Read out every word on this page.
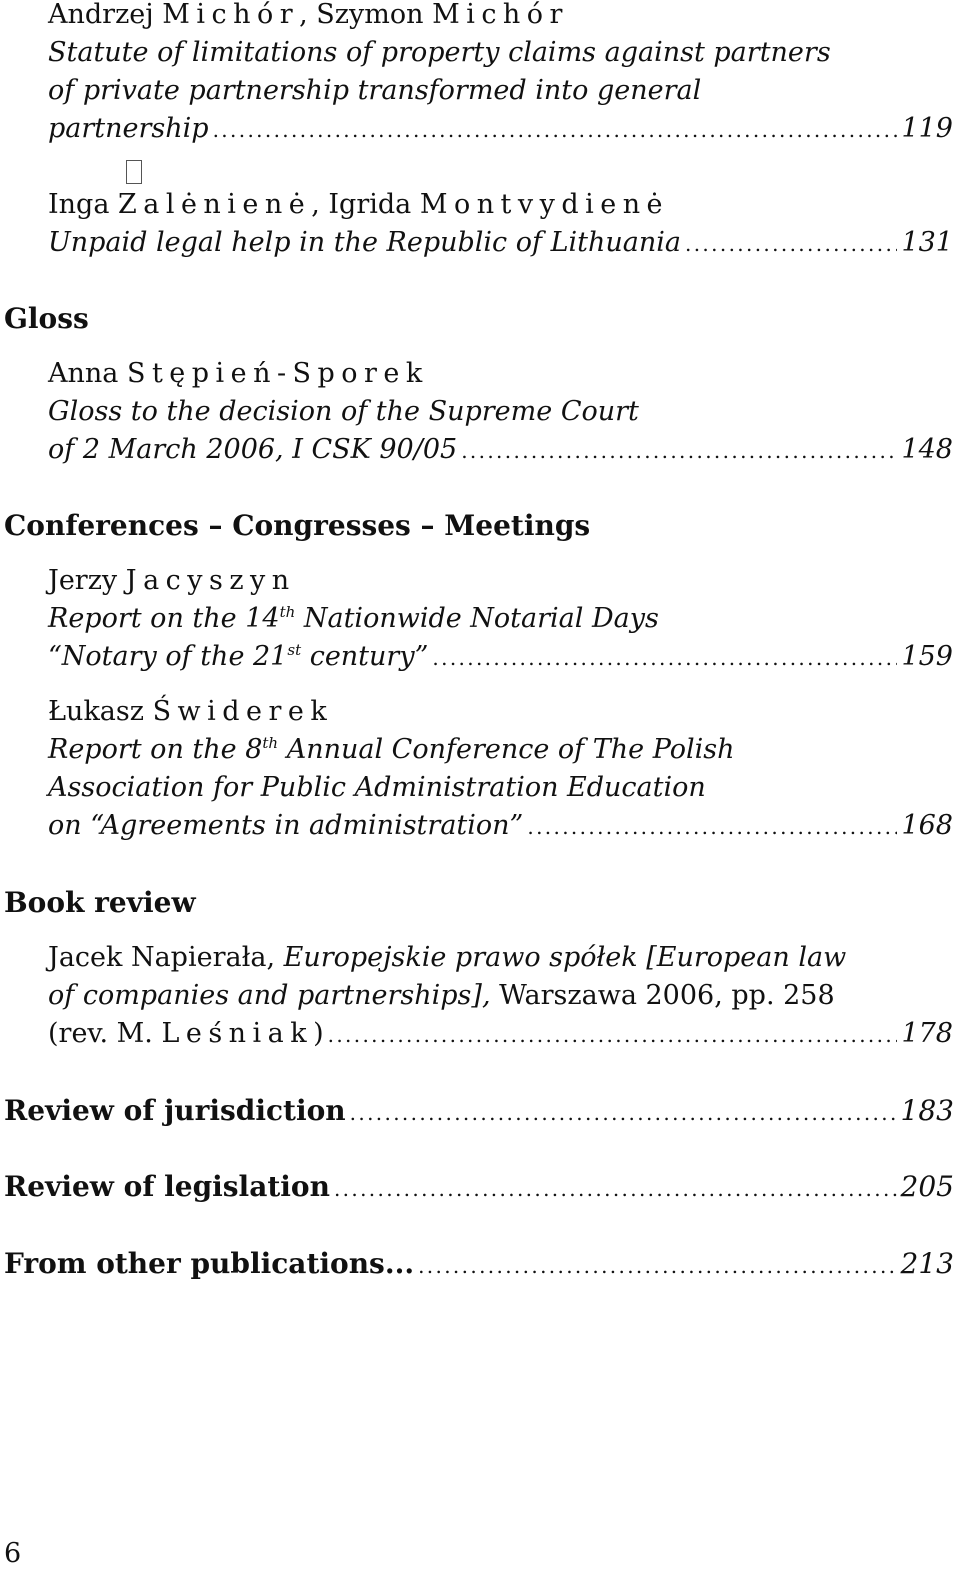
Andrzej Michór, Szymon Michór
Statute of limitations of property claims against partners
of private partnership transformed into general
partnership . . .	119
Inga Zalėnienė, Igrida Montvydienė
Unpaid legal help in the Republic of Lithuania . . .	131
Gloss
Anna Stępień-Sporek
Gloss to the decision of the Supreme Court
of 2 March 2006, I CSK 90/05 . . .	148
Conferences – Congresses – Meetings
Jerzy Jacyszyn
Report on the 14th Nationwide Notarial Days
“Notary of the 21st century” . . .	159
Łukasz Świderek
Report on the 8th Annual Conference of The Polish
Association for Public Administration Education
on “Agreements in administration” . . .	168
Book review
Jacek Napierała, Europejskie prawo spółek [European law
of companies and partnerships], Warszawa 2006, pp. 258
(rev. M. Leśniak) . . .	178
Review of jurisdiction . . .	183
Review of legislation . . .	205
From other publications... . . .	213
6
